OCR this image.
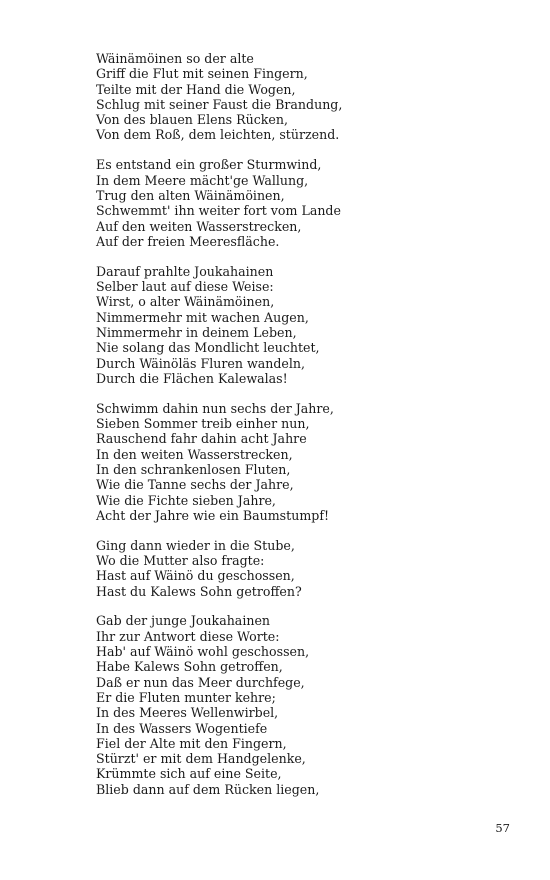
Wäinämöinen so der alte
Griff die Flut mit seinen Fingern,
Teilte mit der Hand die Wogen,
Schlug mit seiner Faust die Brandung,
Von des blauen Elens Rücken,
Von dem Roß, dem leichten, stürzend.
Es entstand ein großer Sturmwind,
In dem Meere mächt'ge Wallung,
Trug den alten Wäinämöinen,
Schwemmt' ihn weiter fort vom Lande
Auf den weiten Wasserstrecken,
Auf der freien Meeresfläche.
Darauf prahlte Joukahainen
Selber laut auf diese Weise:
Wirst, o alter Wäinämöinen,
Nimmermehr mit wachen Augen,
Nimmermehr in deinem Leben,
Nie solang das Mondlicht leuchtet,
Durch Wäinöläs Fluren wandeln,
Durch die Flächen Kalewalas!
Schwimm dahin nun sechs der Jahre,
Sieben Sommer treib einher nun,
Rauschend fahr dahin acht Jahre
In den weiten Wasserstrecken,
In den schrankenlosen Fluten,
Wie die Tanne sechs der Jahre,
Wie die Fichte sieben Jahre,
Acht der Jahre wie ein Baumstumpf!
Ging dann wieder in die Stube,
Wo die Mutter also fragte:
Hast auf Wäinö du geschossen,
Hast du Kalews Sohn getroffen?
Gab der junge Joukahainen
Ihr zur Antwort diese Worte:
Hab' auf Wäinö wohl geschossen,
Habe Kalews Sohn getroffen,
Daß er nun das Meer durchfege,
Er die Fluten munter kehre;
In des Meeres Wellenwirbel,
In des Wassers Wogentiefe
Fiel der Alte mit den Fingern,
Stürzt' er mit dem Handgelenke,
Krümmte sich auf eine Seite,
Blieb dann auf dem Rücken liegen,
57
